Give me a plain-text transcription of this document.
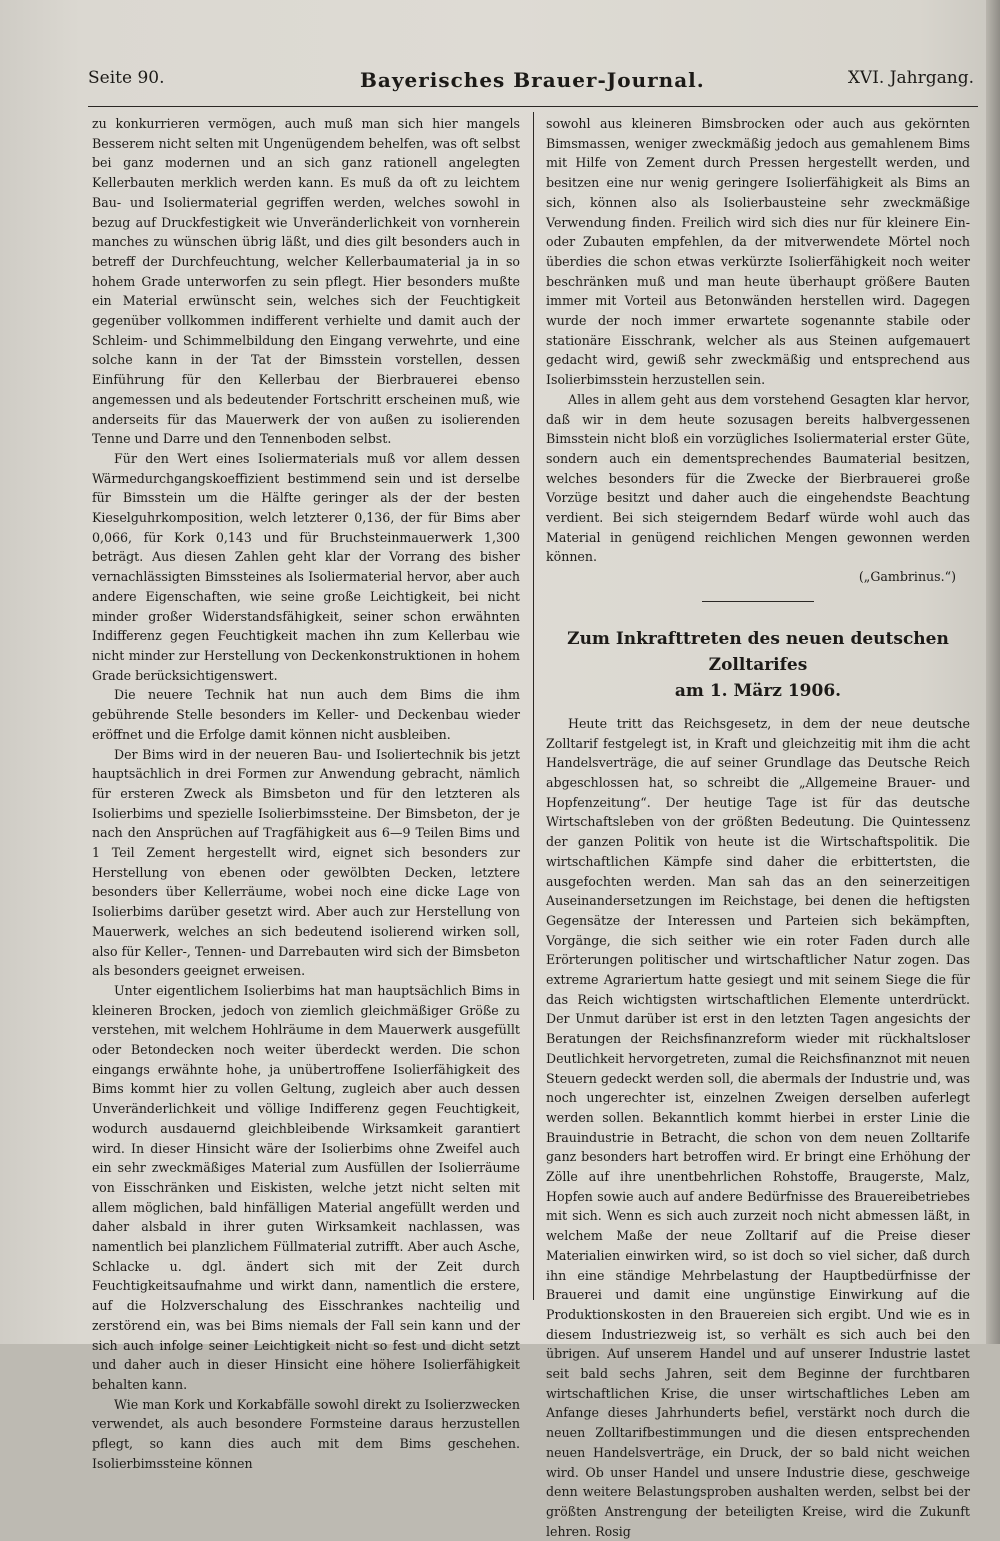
Seite 90.	Bayerisches Brauer-Journal.	XVI. Jahrgang.

zu konkurrieren vermögen, auch muß man sich hier mangels Besserem nicht selten mit Ungenügendem behelfen, was oft selbst bei ganz modernen und an sich ganz rationell angelegten Kellerbauten merklich werden kann. Es muß da oft zu leichtem Bau- und Isoliermaterial gegriffen werden, welches sowohl in bezug auf Druckfestigkeit wie Unveränderlichkeit von vornherein manches zu wünschen übrig läßt, und dies gilt besonders auch in betreff der Durchfeuchtung, welcher Kellerbaumaterial ja in so hohem Grade unterworfen zu sein pflegt. Hier besonders mußte ein Material erwünscht sein, welches sich der Feuchtigkeit gegenüber vollkommen indifferent verhielte und damit auch der Schleim- und Schimmelbildung den Eingang verwehrte, und eine solche kann in der Tat der Bimsstein vorstellen, dessen Einführung für den Kellerbau der Bierbrauerei ebenso angemessen und als bedeutender Fortschritt erscheinen muß, wie anderseits für das Mauerwerk der von außen zu isolierenden Tenne und Darre und den Tennenboden selbst.

Für den Wert eines Isoliermaterials muß vor allem dessen Wärmedurchgangskoeffizient bestimmend sein und ist derselbe für Bimsstein um die Hälfte geringer als der der besten Kieselguhrkomposition, welch letzterer 0,136, der für Bims aber 0,066, für Kork 0,143 und für Bruchsteinmauerwerk 1,300 beträgt. Aus diesen Zahlen geht klar der Vorrang des bisher vernachlässigten Bimssteines als Isoliermaterial hervor, aber auch andere Eigenschaften, wie seine große Leichtigkeit, bei nicht minder großer Widerstandsfähigkeit, seiner schon erwähnten Indifferenz gegen Feuchtigkeit machen ihn zum Kellerbau wie nicht minder zur Herstellung von Deckenkonstruktionen in hohem Grade berücksichtigenswert.

Die neuere Technik hat nun auch dem Bims die ihm gebührende Stelle besonders im Keller- und Deckenbau wieder eröffnet und die Erfolge damit können nicht ausbleiben.

Der Bims wird in der neueren Bau- und Isoliertechnik bis jetzt hauptsächlich in drei Formen zur Anwendung gebracht, nämlich für ersteren Zweck als Bimsbeton und für den letzteren als Isolierbims und spezielle Isolierbimssteine. Der Bimsbeton, der je nach den Ansprüchen auf Tragfähigkeit aus 6—9 Teilen Bims und 1 Teil Zement hergestellt wird, eignet sich besonders zur Herstellung von ebenen oder gewölbten Decken, letztere besonders über Kellerräume, wobei noch eine dicke Lage von Isolierbims darüber gesetzt wird. Aber auch zur Herstellung von Mauerwerk, welches an sich bedeutend isolierend wirken soll, also für Keller-, Tennen- und Darrebauten wird sich der Bimsbeton als besonders geeignet erweisen.

Unter eigentlichem Isolierbims hat man hauptsächlich Bims in kleineren Brocken, jedoch von ziemlich gleichmäßiger Größe zu verstehen, mit welchem Hohlräume in dem Mauerwerk ausgefüllt oder Betondecken noch weiter überdeckt werden. Die schon eingangs erwähnte hohe, ja unübertroffene Isolierfähigkeit des Bims kommt hier zu vollen Geltung, zugleich aber auch dessen Unveränderlichkeit und völlige Indifferenz gegen Feuchtigkeit, wodurch ausdauernd gleichbleibende Wirksamkeit garantiert wird. In dieser Hinsicht wäre der Isolierbims ohne Zweifel auch ein sehr zweckmäßiges Material zum Ausfüllen der Isolierräume von Eisschränken und Eiskisten, welche jetzt nicht selten mit allem möglichen, bald hinfälligen Material angefüllt werden und daher alsbald in ihrer guten Wirksamkeit nachlassen, was namentlich bei planzlichem Füllmaterial zutrifft. Aber auch Asche, Schlacke u. dgl. ändert sich mit der Zeit durch Feuchtigkeitsaufnahme und wirkt dann, namentlich die erstere, auf die Holzverschalung des Eisschrankes nachteilig und zerstörend ein, was bei Bims niemals der Fall sein kann und der sich auch infolge seiner Leichtigkeit nicht so fest und dicht setzt und daher auch in dieser Hinsicht eine höhere Isolierfähigkeit behalten kann.

Wie man Kork und Korkabfälle sowohl direkt zu Isolierzwecken verwendet, als auch besondere Formsteine daraus herzustellen pflegt, so kann dies auch mit dem Bims geschehen. Isolierbimssteine können

sowohl aus kleineren Bimsbrocken oder auch aus gekörnten Bimsmassen, weniger zweckmäßig jedoch aus gemahlenem Bims mit Hilfe von Zement durch Pressen hergestellt werden, und besitzen eine nur wenig geringere Isolierfähigkeit als Bims an sich, können also als Isolierbausteine sehr zweckmäßige Verwendung finden. Freilich wird sich dies nur für kleinere Ein- oder Zubauten empfehlen, da der mitverwendete Mörtel noch überdies die schon etwas verkürzte Isolierfähigkeit noch weiter beschränken muß und man heute überhaupt größere Bauten immer mit Vorteil aus Betonwänden herstellen wird. Dagegen wurde der noch immer erwartete sogenannte stabile oder stationäre Eisschrank, welcher als aus Steinen aufgemauert gedacht wird, gewiß sehr zweckmäßig und entsprechend aus Isolierbimsstein herzustellen sein.

Alles in allem geht aus dem vorstehend Gesagten klar hervor, daß wir in dem heute sozusagen bereits halbvergessenen Bimsstein nicht bloß ein vorzügliches Isoliermaterial erster Güte, sondern auch ein dementsprechendes Baumaterial besitzen, welches besonders für die Zwecke der Bierbrauerei große Vorzüge besitzt und daher auch die eingehendste Beachtung verdient. Bei sich steigerndem Bedarf würde wohl auch das Material in genügend reichlichen Mengen gewonnen werden können.

(„Gambrinus.“)

Zum Inkrafttreten des neuen deutschen Zolltarifes
am 1. März 1906.

Heute tritt das Reichsgesetz, in dem der neue deutsche Zolltarif festgelegt ist, in Kraft und gleichzeitig mit ihm die acht Handelsverträge, die auf seiner Grundlage das Deutsche Reich abgeschlossen hat, so schreibt die „Allgemeine Brauer- und Hopfenzeitung“. Der heutige Tage ist für das deutsche Wirtschaftsleben von der größten Bedeutung. Die Quintessenz der ganzen Politik von heute ist die Wirtschaftspolitik. Die wirtschaftlichen Kämpfe sind daher die erbittertsten, die ausgefochten werden. Man sah das an den seinerzeitigen Auseinandersetzungen im Reichstage, bei denen die heftigsten Gegensätze der Interessen und Parteien sich bekämpften, Vorgänge, die sich seither wie ein roter Faden durch alle Erörterungen politischer und wirtschaftlicher Natur zogen. Das extreme Agrariertum hatte gesiegt und mit seinem Siege die für das Reich wichtigsten wirtschaftlichen Elemente unterdrückt. Der Unmut darüber ist erst in den letzten Tagen angesichts der Beratungen der Reichsfinanzreform wieder mit rückhaltsloser Deutlichkeit hervorgetreten, zumal die Reichsfinanznot mit neuen Steuern gedeckt werden soll, die abermals der Industrie und, was noch ungerechter ist, einzelnen Zweigen derselben auferlegt werden sollen. Bekanntlich kommt hierbei in erster Linie die Brauindustrie in Betracht, die schon von dem neuen Zolltarife ganz besonders hart betroffen wird. Er bringt eine Erhöhung der Zölle auf ihre unentbehrlichen Rohstoffe, Braugerste, Malz, Hopfen sowie auch auf andere Bedürfnisse des Brauereibetriebes mit sich. Wenn es sich auch zurzeit noch nicht abmessen läßt, in welchem Maße der neue Zolltarif auf die Preise dieser Materialien einwirken wird, so ist doch so viel sicher, daß durch ihn eine ständige Mehrbelastung der Hauptbedürfnisse der Brauerei und damit eine ungünstige Einwirkung auf die Produktionskosten in den Brauereien sich ergibt. Und wie es in diesem Industriezweig ist, so verhält es sich auch bei den übrigen. Auf unserem Handel und auf unserer Industrie lastet seit bald sechs Jahren, seit dem Beginne der furchtbaren wirtschaftlichen Krise, die unser wirtschaftliches Leben am Anfange dieses Jahrhunderts befiel, verstärkt noch durch die neuen Zolltarifbestimmungen und die diesen entsprechenden neuen Handelsverträge, ein Druck, der so bald nicht weichen wird. Ob unser Handel und unsere Industrie diese, geschweige denn weitere Belastungsproben aushalten werden, selbst bei der größten Anstrengung der beteiligten Kreise, wird die Zukunft lehren. Rosig
